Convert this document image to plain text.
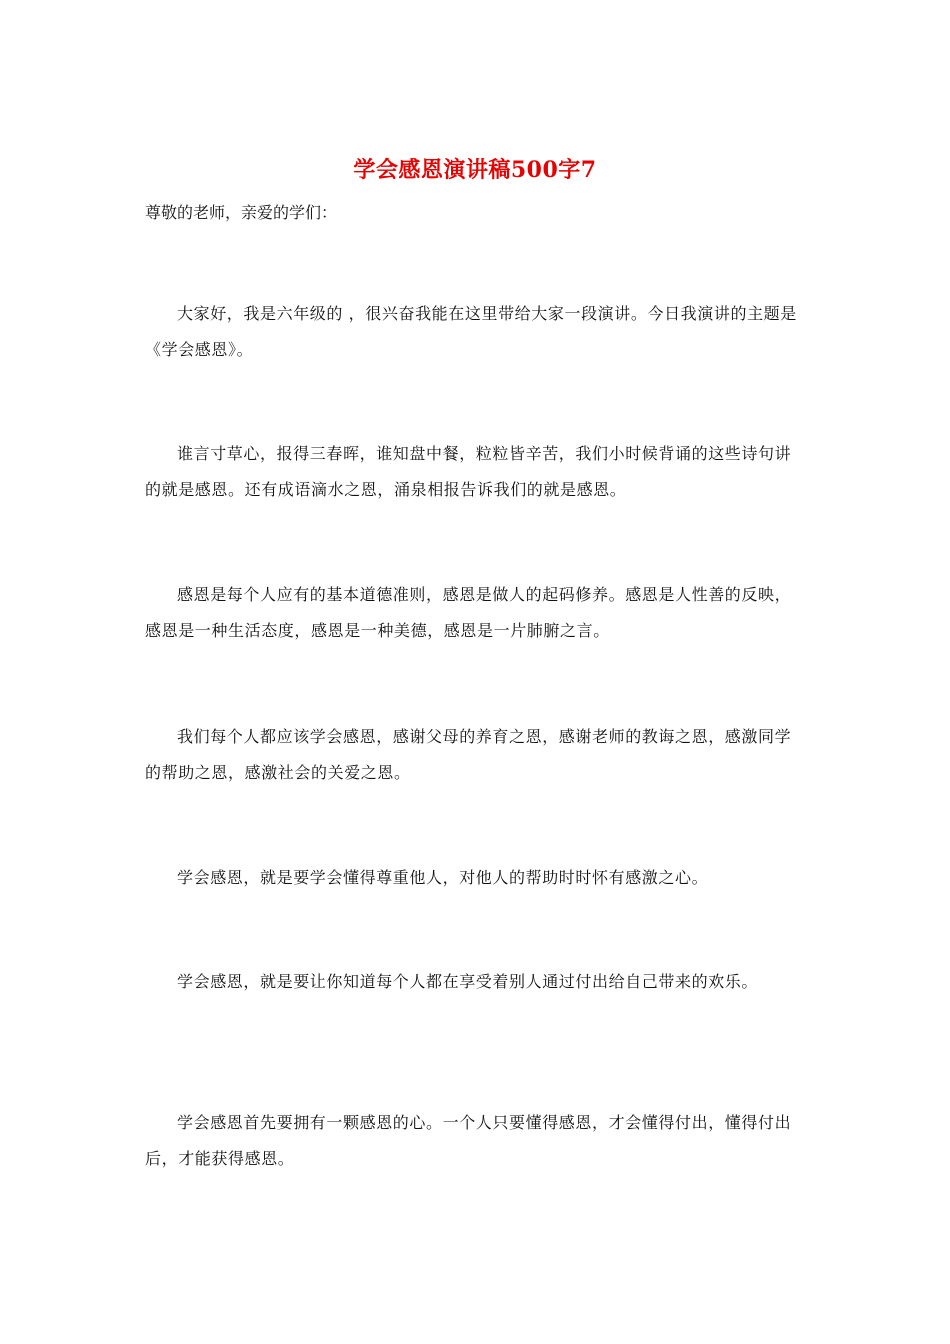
学会感恩演讲稿500字7

尊敬的老师，亲爱的学们：

大家好，我是六年级的 ，很兴奋我能在这里带给大家一段演讲。今日我演讲的主题是《学会感恩》。

谁言寸草心，报得三春晖，谁知盘中餐，粒粒皆辛苦，我们小时候背诵的这些诗句讲的就是感恩。还有成语滴水之恩，涌泉相报告诉我们的就是感恩。

感恩是每个人应有的基本道德准则，感恩是做人的起码修养。感恩是人性善的反映，感恩是一种生活态度，感恩是一种美德，感恩是一片肺腑之言。

我们每个人都应该学会感恩，感谢父母的养育之恩，感谢老师的教诲之恩，感激同学的帮助之恩，感激社会的关爱之恩。

学会感恩，就是要学会懂得尊重他人，对他人的帮助时时怀有感激之心。

学会感恩，就是要让你知道每个人都在享受着别人通过付出给自己带来的欢乐。

学会感恩首先要拥有一颗感恩的心。一个人只要懂得感恩，才会懂得付出，懂得付出后，才能获得感恩。
